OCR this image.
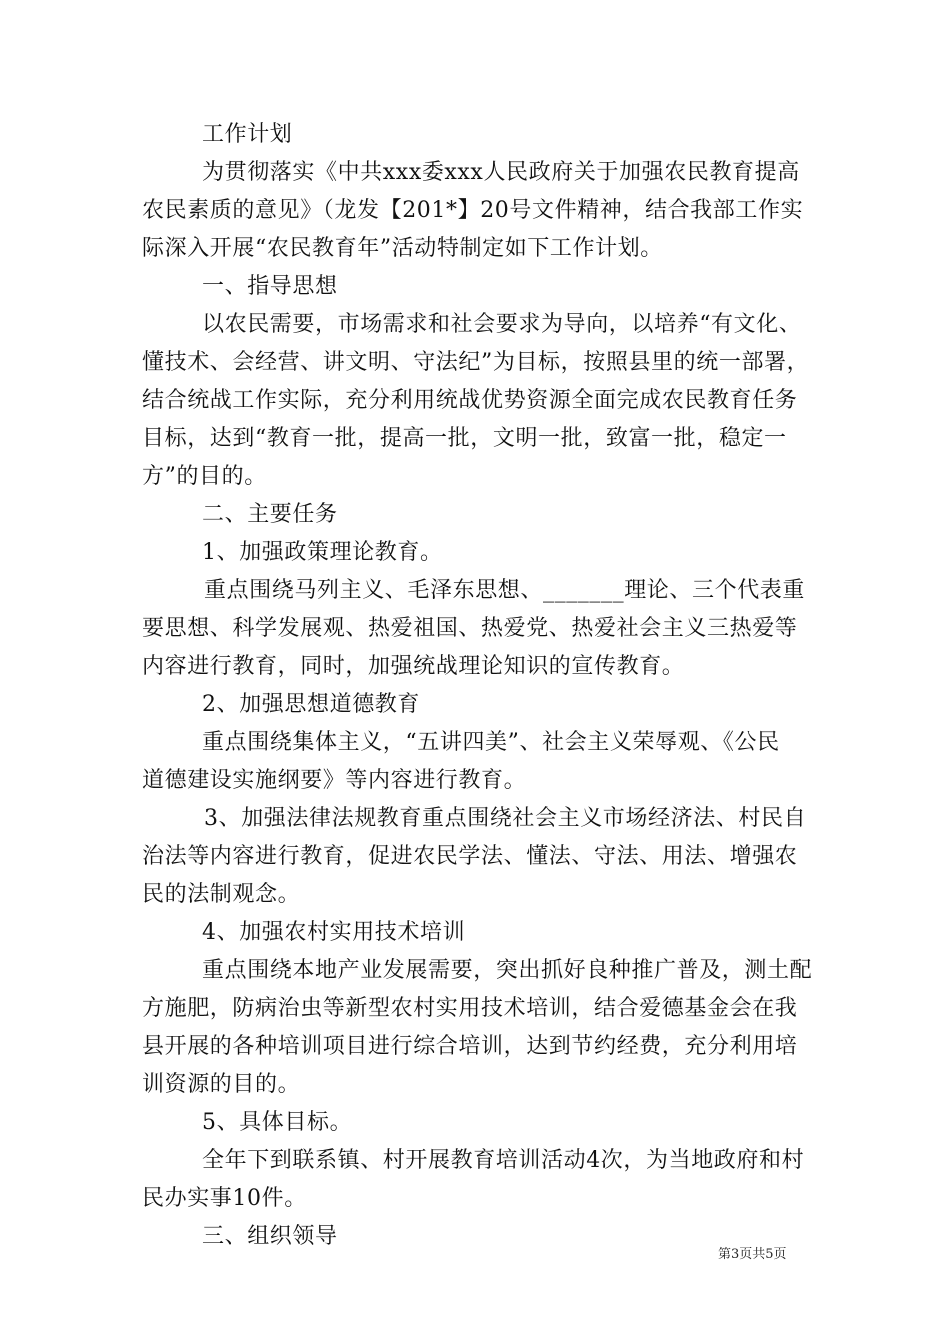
工作计划
为贯彻落实《中共xxx委xxx人民政府关于加强农民教育提高
农民素质的意见》（龙发【201*】20号文件精神，结合我部工作实
际深入开展“农民教育年”活动特制定如下工作计划。
一、指导思想
以农民需要，市场需求和社会要求为导向，以培养“有文化、
懂技术、会经营、讲文明、守法纪”为目标，按照县里的统一部署，
结合统战工作实际，充分利用统战优势资源全面完成农民教育任务
目标，达到“教育一批，提高一批，文明一批，致富一批，稳定一
方”的目的。
二、主要任务
1、加强政策理论教育。
重点围绕马列主义、毛泽东思想、_______理论、三个代表重
要思想、科学发展观、热爱祖国、热爱党、热爱社会主义三热爱等
内容进行教育，同时，加强统战理论知识的宣传教育。
2、加强思想道德教育
重点围绕集体主义，“五讲四美”、社会主义荣辱观、《公民
道德建设实施纲要》等内容进行教育。
3、加强法律法规教育重点围绕社会主义市场经济法、村民自
治法等内容进行教育，促进农民学法、懂法、守法、用法、增强农
民的法制观念。
4、加强农村实用技术培训
重点围绕本地产业发展需要，突出抓好良种推广普及，测土配
方施肥，防病治虫等新型农村实用技术培训，结合爱德基金会在我
县开展的各种培训项目进行综合培训，达到节约经费，充分利用培
训资源的目的。
5、具体目标。
全年下到联系镇、村开展教育培训活动4次，为当地政府和村
民办实事10件。
三、组织领导
第3页共5页
